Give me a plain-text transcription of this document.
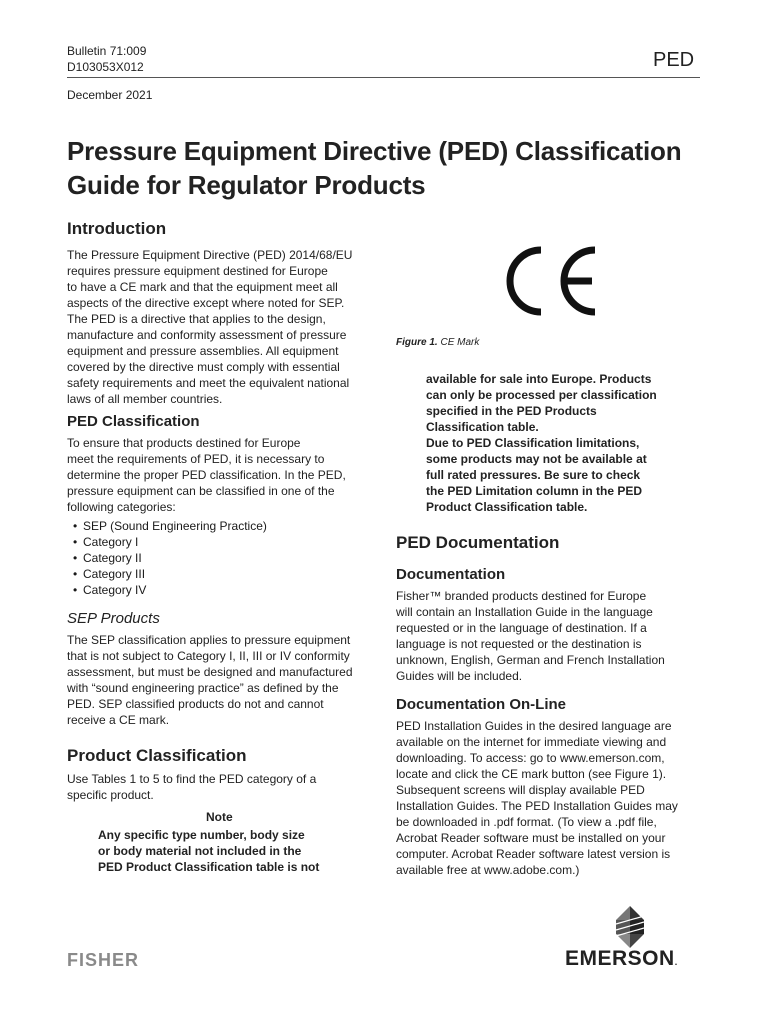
Bulletin 71:009
D103053X012	PED
December 2021
Pressure Equipment Directive (PED) Classification
Guide for Regulator Products
Introduction
The Pressure Equipment Directive (PED) 2014/68/EU
requires pressure equipment destined for Europe
to have a CE mark and that the equipment meet all
aspects of the directive except where noted for SEP.
The PED is a directive that applies to the design,
manufacture and conformity assessment of pressure
equipment and pressure assemblies. All equipment
covered by the directive must comply with essential
safety requirements and meet the equivalent national
laws of all member countries.
PED Classification
To ensure that products destined for Europe
meet the requirements of PED, it is necessary to
determine the proper PED classification. In the PED,
pressure equipment can be classified in one of the
following categories:
• SEP (Sound Engineering Practice)
• Category I
• Category II
• Category III
• Category IV
SEP Products
The SEP classification applies to pressure equipment
that is not subject to Category I, II, III or IV conformity
assessment, but must be designed and manufactured
with “sound engineering practice” as defined by the
PED. SEP classified products do not and cannot
receive a CE mark.
Product Classification
Use Tables 1 to 5 to find the PED category of a
specific product.
Note
Any specific type number, body size
or body material not included in the
PED Product Classification table is not
Figure 1. CE Mark
available for sale into Europe. Products
can only be processed per classification
specified in the PED Products
Classification table.
Due to PED Classification limitations,
some products may not be available at
full rated pressures. Be sure to check
the PED Limitation column in the PED
Product Classification table.
PED Documentation
Documentation
Fisher™ branded products destined for Europe
will contain an Installation Guide in the language
requested or in the language of destination. If a
language is not requested or the destination is
unknown, English, German and French Installation
Guides will be included.
Documentation On-Line
PED Installation Guides in the desired language are
available on the internet for immediate viewing and
downloading. To access: go to www.emerson.com,
locate and click the CE mark button (see Figure 1).
Subsequent screens will display available PED
Installation Guides. The PED Installation Guides may
be downloaded in .pdf format. (To view a .pdf file,
Acrobat Reader software must be installed on your
computer. Acrobat Reader software latest version is
available free at www.adobe.com.)
FISHER	EMERSON.
